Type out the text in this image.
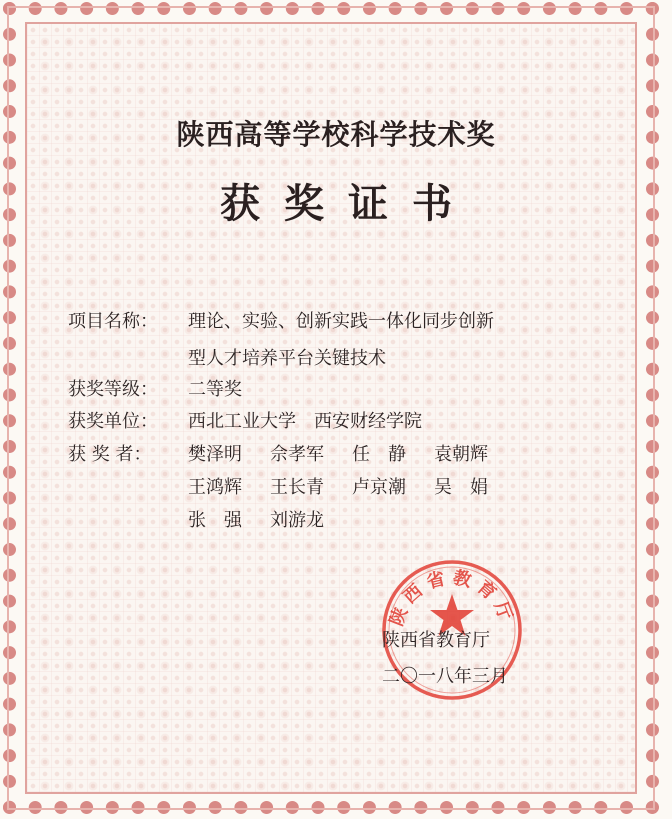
陕西高等学校科学技术奖
获奖证书
项目名称： 理论、实验、创新实践一体化同步创新
型人才培养平台关键技术
获奖等级： 二等奖
获奖单位： 西北工业大学　西安财经学院
获 奖 者：	樊泽明 佘孝军 任　静 袁朝辉
王鸿辉 王长青 卢京潮 吴　娟
张　强 刘游龙
陕西省教育厅
陕西省教育厅
二〇一八年三月
